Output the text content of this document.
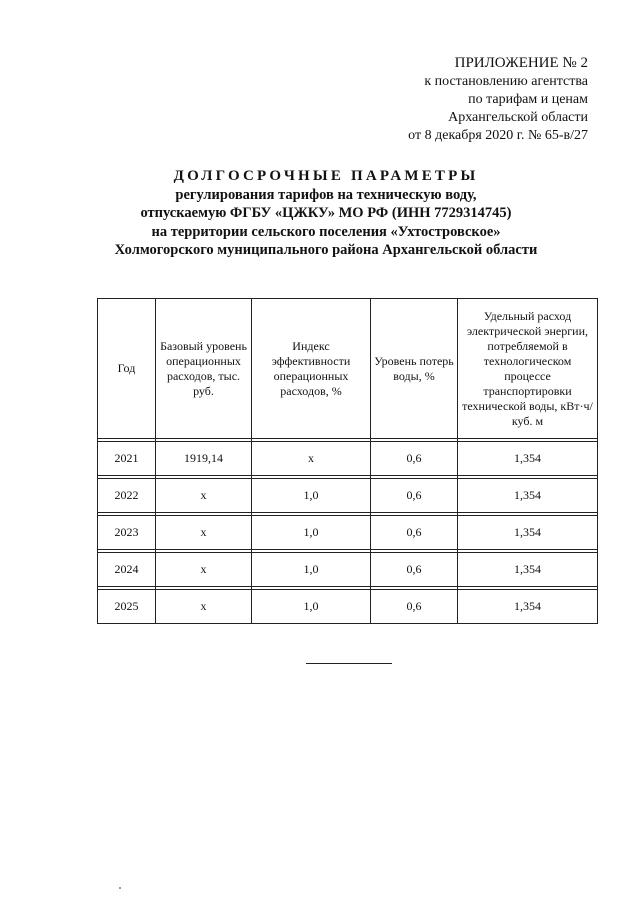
ПРИЛОЖЕНИЕ № 2
к постановлению агентства
по тарифам и ценам
Архангельской области
от 8 декабря 2020 г. № 65-в/27
ДОЛГОСРОЧНЫЕ ПАРАМЕТРЫ
регулирования тарифов на техническую воду,
отпускаемую ФГБУ «ЦЖКУ» МО РФ (ИНН 7729314745)
на территории сельского поселения «Ухтостровское»
Холмогорского муниципального района Архангельской области
Год	Базовый уровень операционных расходов, тыс. руб.	Индекс эффективности операционных расходов, %	Уровень потерь воды, %	Удельный расход электрической энергии, потребляемой в технологическом процессе транспортировки технической воды, кВт·ч/куб. м

2021	1919,14	х	0,6	1,354

2022	х	1,0	0,6	1,354

2023	х	1,0	0,6	1,354

2024	х	1,0	0,6	1,354

2025	х	1,0	0,6	1,354
